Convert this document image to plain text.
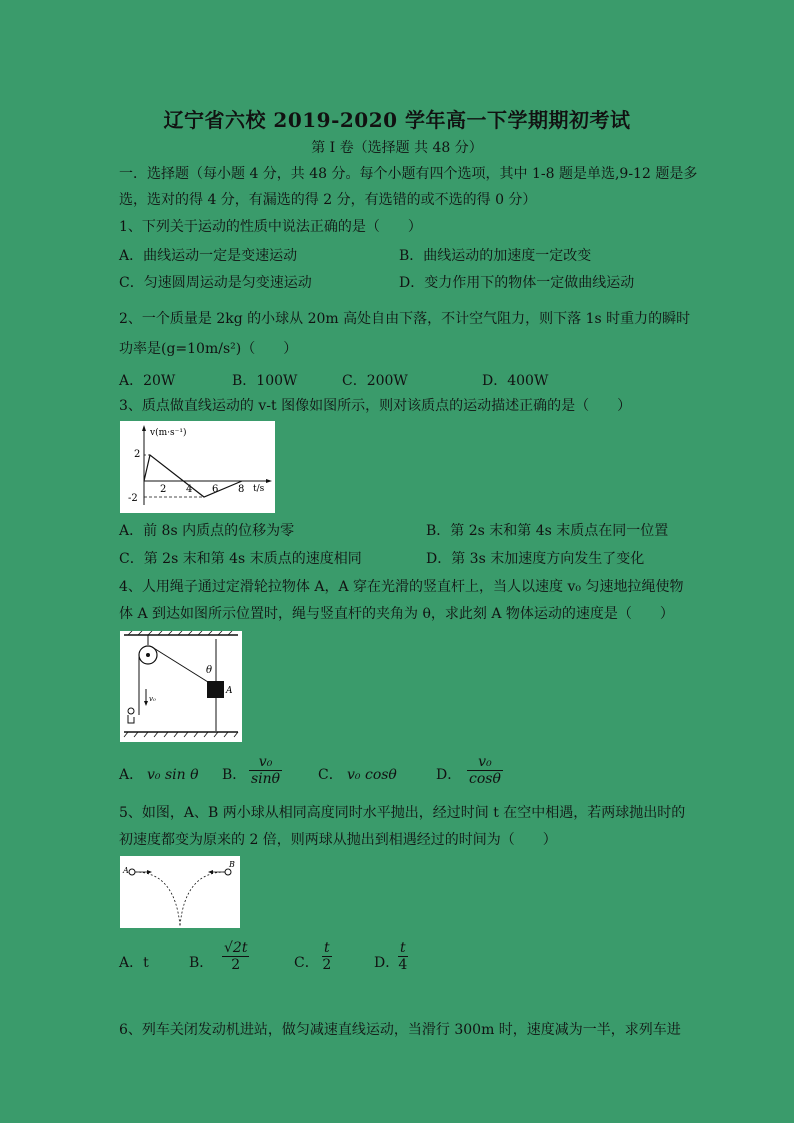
辽宁省六校 2019-2020 学年高一下学期期初考试
第 I 卷（选择题 共 48 分）
一．选择题（每小题 4 分，共 48 分。每个小题有四个选项，其中 1-8 题是单选,9-12 题是多
选，选对的得 4 分，有漏选的得 2 分，有选错的或不选的得 0 分）
1、下列关于运动的性质中说法正确的是（　　）
A．曲线运动一定是变速运动	B．曲线运动的加速度一定改变
C．匀速圆周运动是匀变速运动	D．变力作用下的物体一定做曲线运动
2、一个质量是 2kg 的小球从 20m 高处自由下落，不计空气阻力，则下落 1s 时重力的瞬时
功率是(g=10m/s²)（　　）
A．20W	B．100W	C．200W	D．400W
3、质点做直线运动的 v-t 图像如图所示，则对该质点的运动描述正确的是（　　）
v(m·s⁻¹)
t/s
2
-2
2 4 6 8
A．前 8s 内质点的位移为零	B．第 2s 末和第 4s 末质点在同一位置
C．第 2s 末和第 4s 末质点的速度相同	D．第 3s 末加速度方向发生了变化
4、人用绳子通过定滑轮拉物体 A，A 穿在光滑的竖直杆上，当人以速度 v₀ 匀速地拉绳使物
体 A 到达如图所示位置时，绳与竖直杆的夹角为 θ，求此刻 A 物体运动的速度是（　　）
A
θ
v₀
A． v₀ sin θ B． $\frac{\text{v₀}}{\sin\theta}$	C． v₀ cosθ	D． $\frac{\text{v₀}}{\cos\theta}$
5、如图，A、B 两小球从相同高度同时水平抛出，经过时间 t 在空中相遇，若两球抛出时的
初速度都变为原来的 2 倍，则两球从抛出到相遇经过的时间为（　　）
A
B
A．t	B． $\frac{√2t}{2}$	C． $\frac{t}{2}$	D．
$\frac{t}{4}$
6、列车关闭发动机进站，做匀减速直线运动，当滑行 300m 时，速度减为一半，求列车进
